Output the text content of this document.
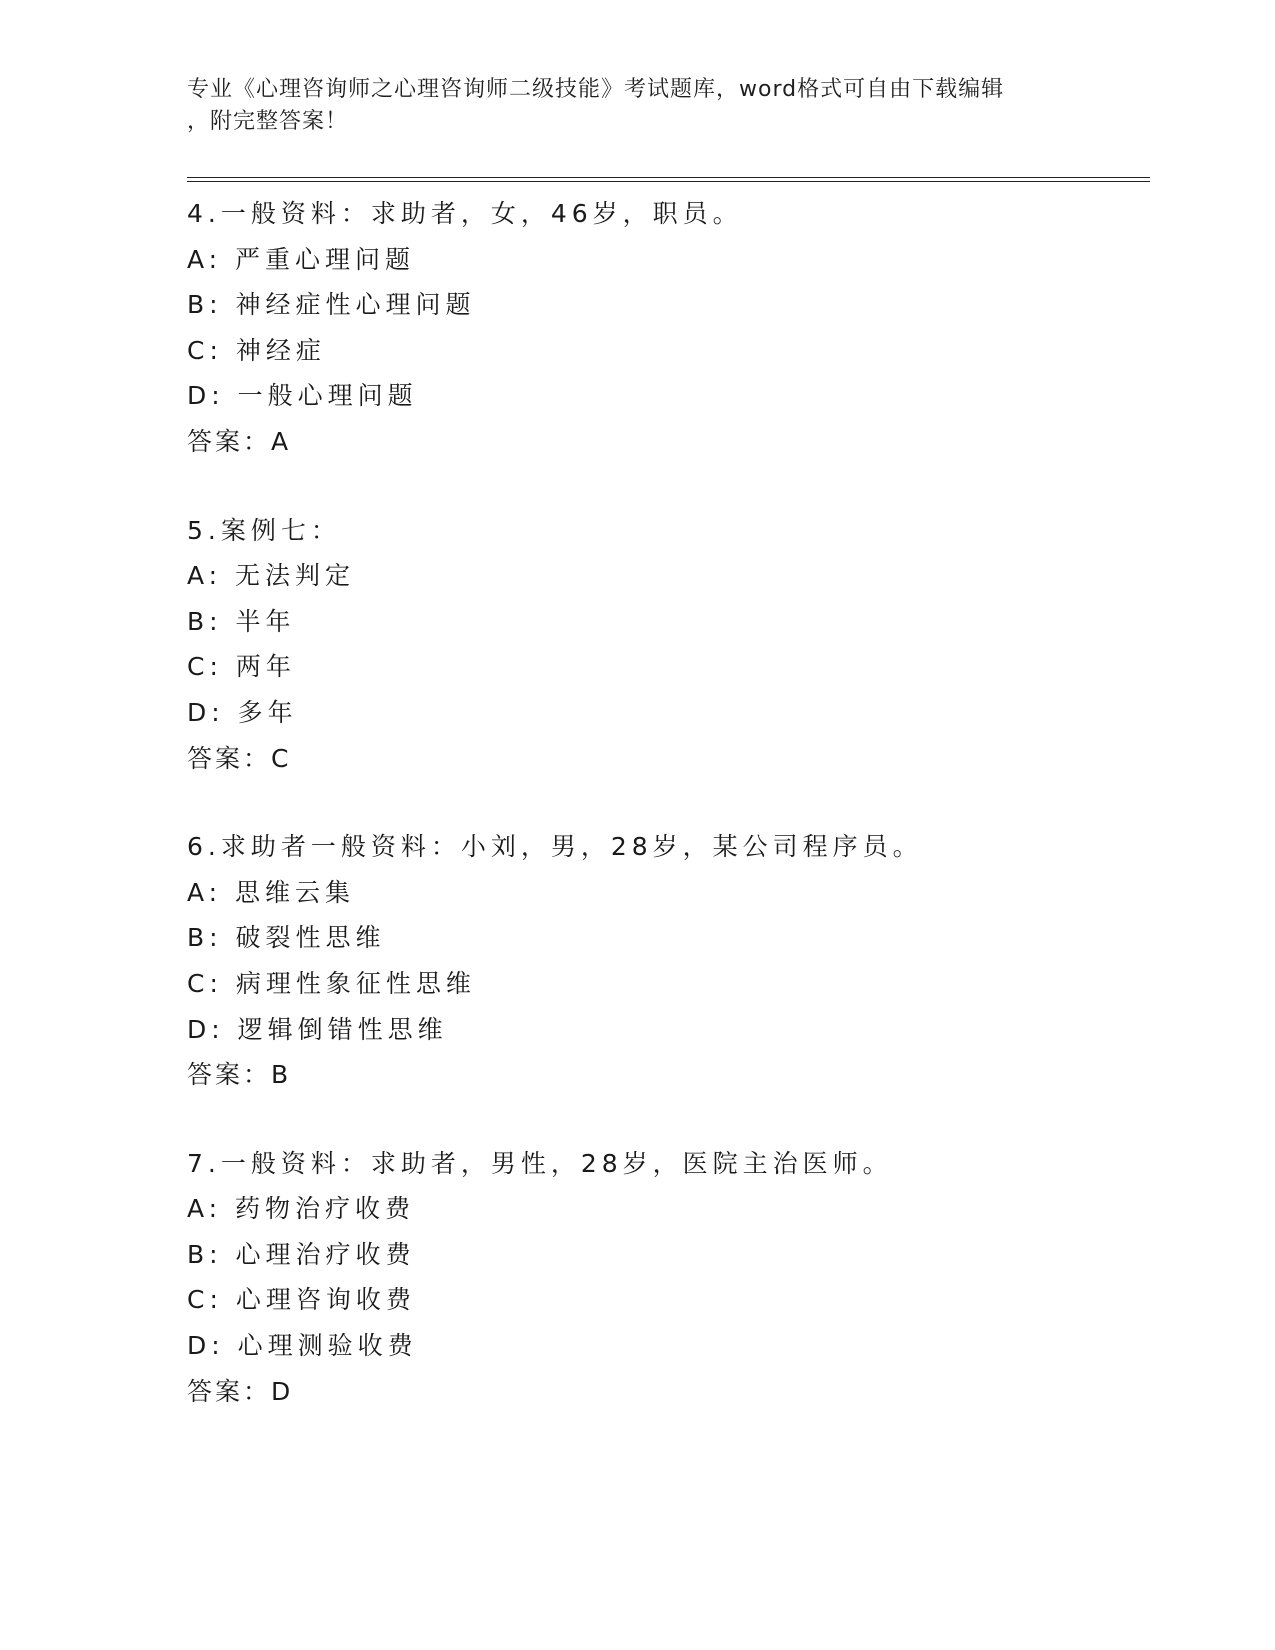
专业《心理咨询师之心理咨询师二级技能》考试题库，word格式可自由下载编辑
，附完整答案！
4.一般资料：求助者，女，46岁，职员。
A: 严重心理问题
B: 神经症性心理问题
C: 神经症
D: 一般心理问题
答案：A
5.案例七：
A: 无法判定
B: 半年
C: 两年
D: 多年
答案：C
6.求助者一般资料：小刘，男，28岁，某公司程序员。
A: 思维云集
B: 破裂性思维
C: 病理性象征性思维
D: 逻辑倒错性思维
答案：B
7.一般资料：求助者，男性，28岁，医院主治医师。
A: 药物治疗收费
B: 心理治疗收费
C: 心理咨询收费
D: 心理测验收费
答案：D
